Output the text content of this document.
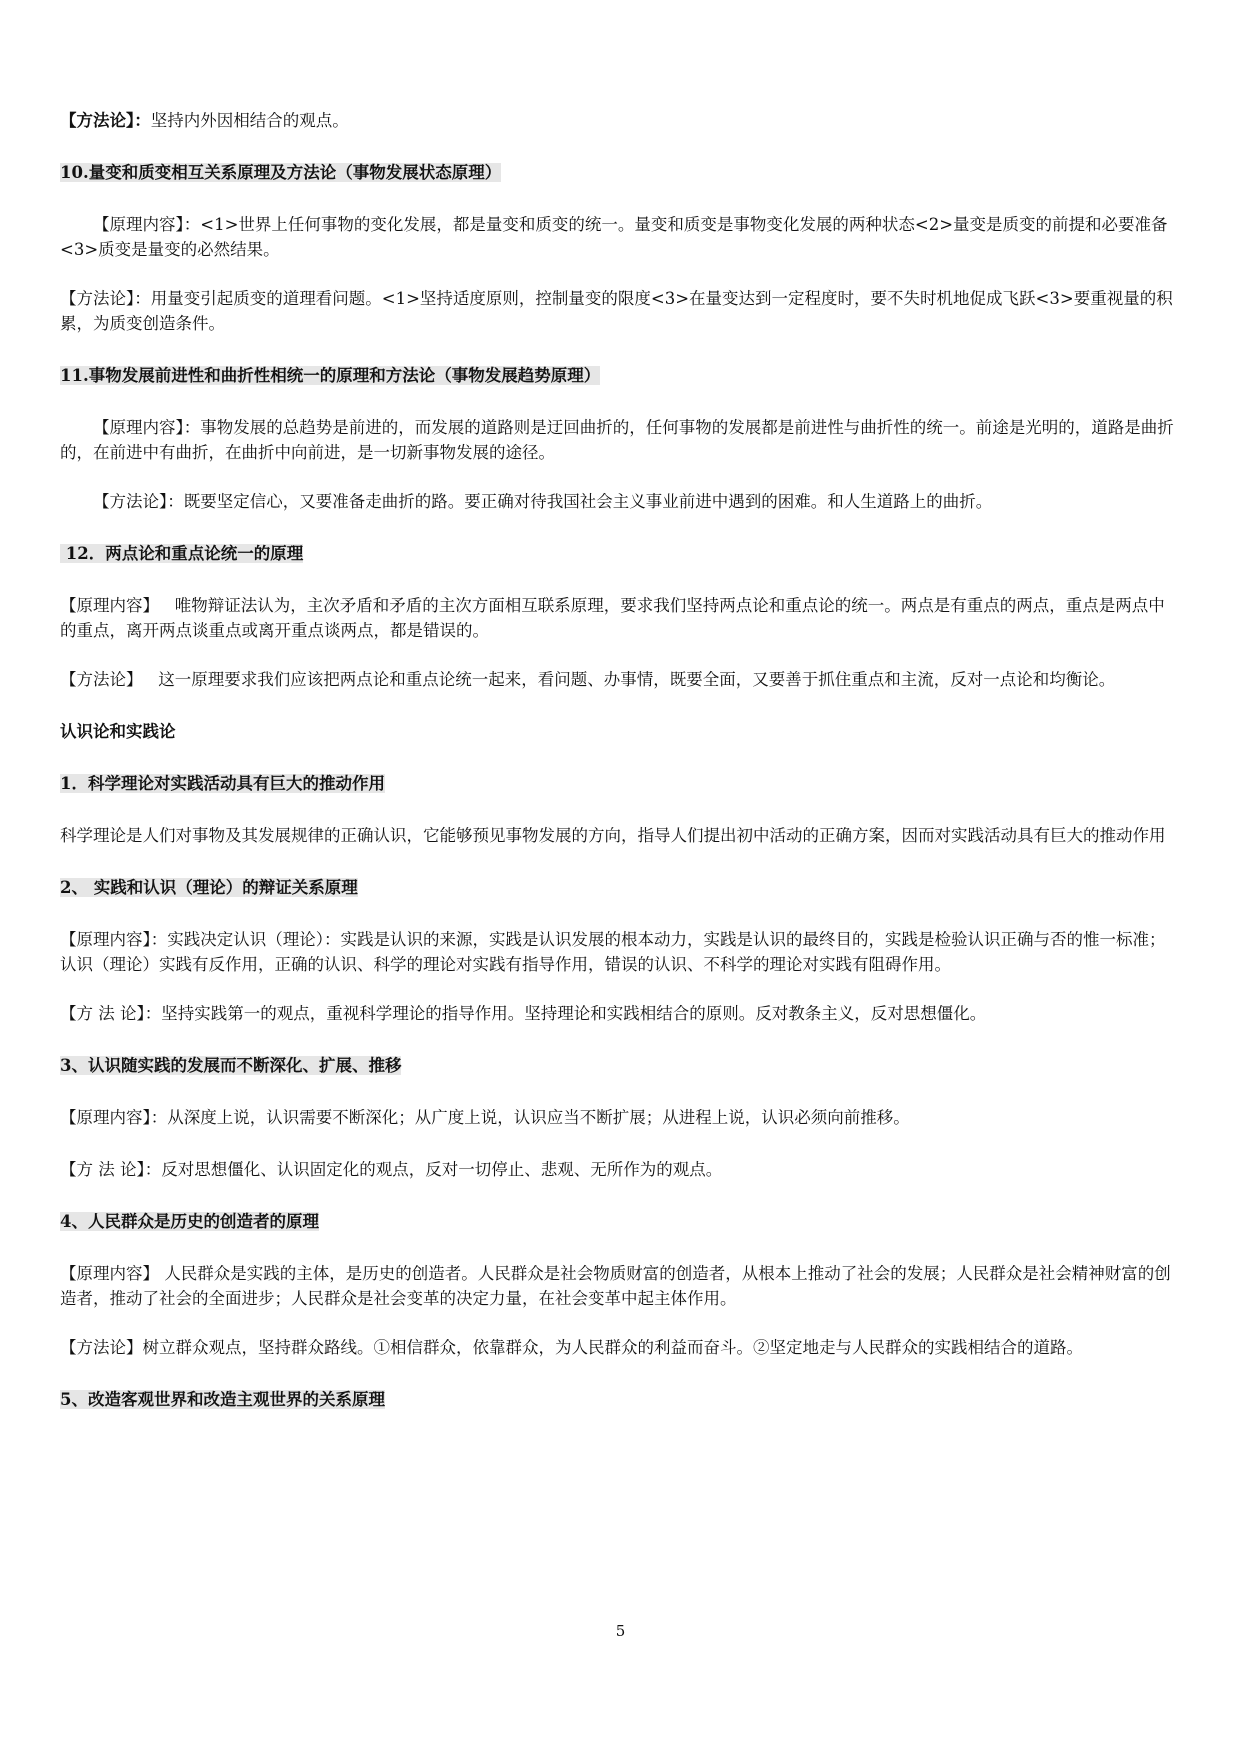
【方法论】：坚持内外因相结合的观点。

10.量变和质变相互关系原理及方法论（事物发展状态原理）

【原理内容】：<1>世界上任何事物的变化发展，都是量变和质变的统一。量变和质变是事物变化发展的两种状态<2>量变是质变的前提和必要准备<3>质变是量变的必然结果。

【方法论】：用量变引起质变的道理看问题。<1>坚持适度原则，控制量变的限度<3>在量变达到一定程度时，要不失时机地促成飞跃<3>要重视量的积累，为质变创造条件。

11.事物发展前进性和曲折性相统一的原理和方法论（事物发展趋势原理）

【原理内容】：事物发展的总趋势是前进的，而发展的道路则是迂回曲折的，任何事物的发展都是前进性与曲折性的统一。前途是光明的，道路是曲折的，在前进中有曲折，在曲折中向前进，是一切新事物发展的途径。

【方法论】：既要坚定信心，又要准备走曲折的路。要正确对待我国社会主义事业前进中遇到的困难。和人生道路上的曲折。

12．两点论和重点论统一的原理

【原理内容】   唯物辩证法认为，主次矛盾和矛盾的主次方面相互联系原理，要求我们坚持两点论和重点论的统一。两点是有重点的两点，重点是两点中的重点，离开两点谈重点或离开重点谈两点，都是错误的。

【方法论】   这一原理要求我们应该把两点论和重点论统一起来，看问题、办事情，既要全面，又要善于抓住重点和主流，反对一点论和均衡论。

认识论和实践论

1．科学理论对实践活动具有巨大的推动作用

科学理论是人们对事物及其发展规律的正确认识，它能够预见事物发展的方向，指导人们提出初中活动的正确方案，因而对实践活动具有巨大的推动作用

2、 实践和认识（理论）的辩证关系原理

【原理内容】：实践决定认识（理论）：实践是认识的来源，实践是认识发展的根本动力，实践是认识的最终目的，实践是检验认识正确与否的惟一标准；认识（理论）实践有反作用，正确的认识、科学的理论对实践有指导作用，错误的认识、不科学的理论对实践有阻碍作用。

【方 法 论】：坚持实践第一的观点，重视科学理论的指导作用。坚持理论和实践相结合的原则。反对教条主义，反对思想僵化。

3、认识随实践的发展而不断深化、扩展、推移

【原理内容】：从深度上说，认识需要不断深化；从广度上说，认识应当不断扩展；从进程上说，认识必须向前推移。

【方 法 论】：反对思想僵化、认识固定化的观点，反对一切停止、悲观、无所作为的观点。

4、人民群众是历史的创造者的原理

【原理内容】 人民群众是实践的主体，是历史的创造者。人民群众是社会物质财富的创造者，从根本上推动了社会的发展；人民群众是社会精神财富的创造者，推动了社会的全面进步；人民群众是社会变革的决定力量，在社会变革中起主体作用。

【方法论】树立群众观点，坚持群众路线。①相信群众，依靠群众，为人民群众的利益而奋斗。②坚定地走与人民群众的实践相结合的道路。

5、改造客观世界和改造主观世界的关系原理

5
